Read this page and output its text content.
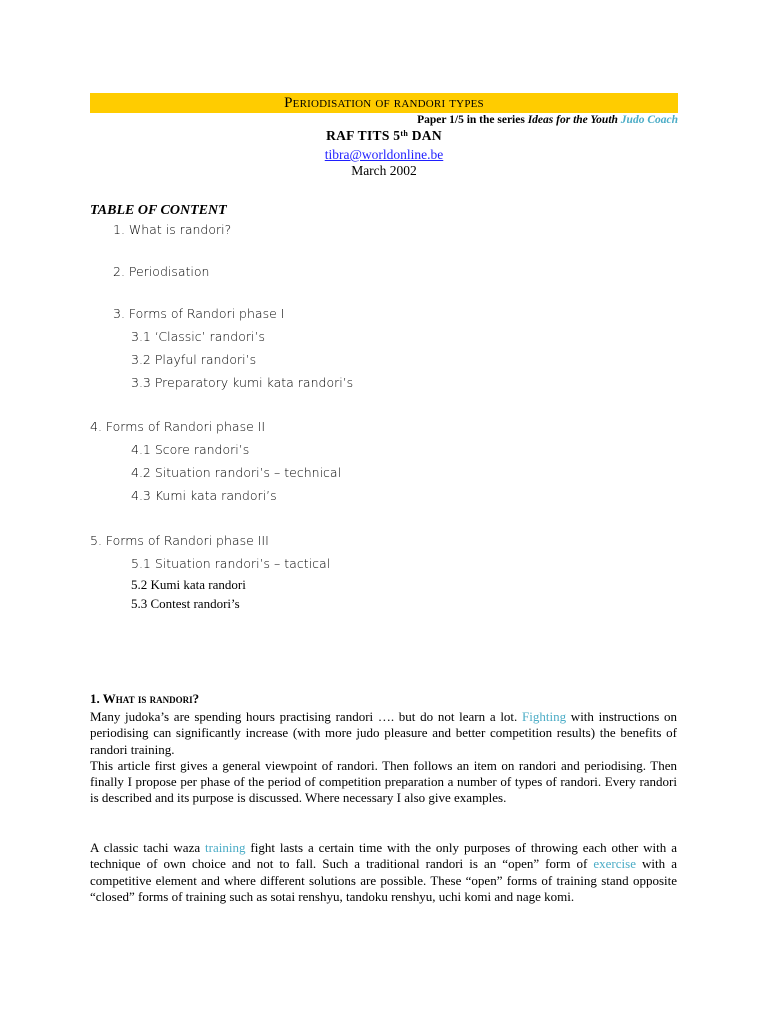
Periodisation of randori types
Paper 1/5 in the series Ideas for the Youth Judo Coach
RAF TITS 5th DAN
tibra@worldonline.be
March 2002
TABLE OF CONTENT
1. What is randori?
2. Periodisation
3. Forms of Randori phase I
3.1 ‘Classic’ randori’s
3.2 Playful randori’s
3.3 Preparatory kumi kata randori’s
4. Forms of Randori phase II
4.1 Score randori’s
4.2 Situation randori’s – technical
4.3 Kumi kata randori’s
5. Forms of Randori phase III
5.1 Situation randori’s – tactical
5.2 Kumi kata randori
5.3 Contest randori’s
1. What is randori?
Many judoka’s are spending hours practising randori …. but do not learn a lot. Fighting with instructions on periodising can significantly increase (with more judo pleasure and better competition results) the benefits of randori training.
This article first gives a general viewpoint of randori. Then follows an item on randori and periodising. Then finally I propose per phase of the period of competition preparation a number of types of randori. Every randori is described and its purpose is discussed. Where necessary I also give examples.
A classic tachi waza training fight lasts a certain time with the only purposes of throwing each other with a technique of own choice and not to fall. Such a traditional randori is an “open” form of exercise with a competitive element and where different solutions are possible. These “open” forms of training stand opposite “closed” forms of training such as sotai renshyu, tandoku renshyu, uchi komi and nage komi.
